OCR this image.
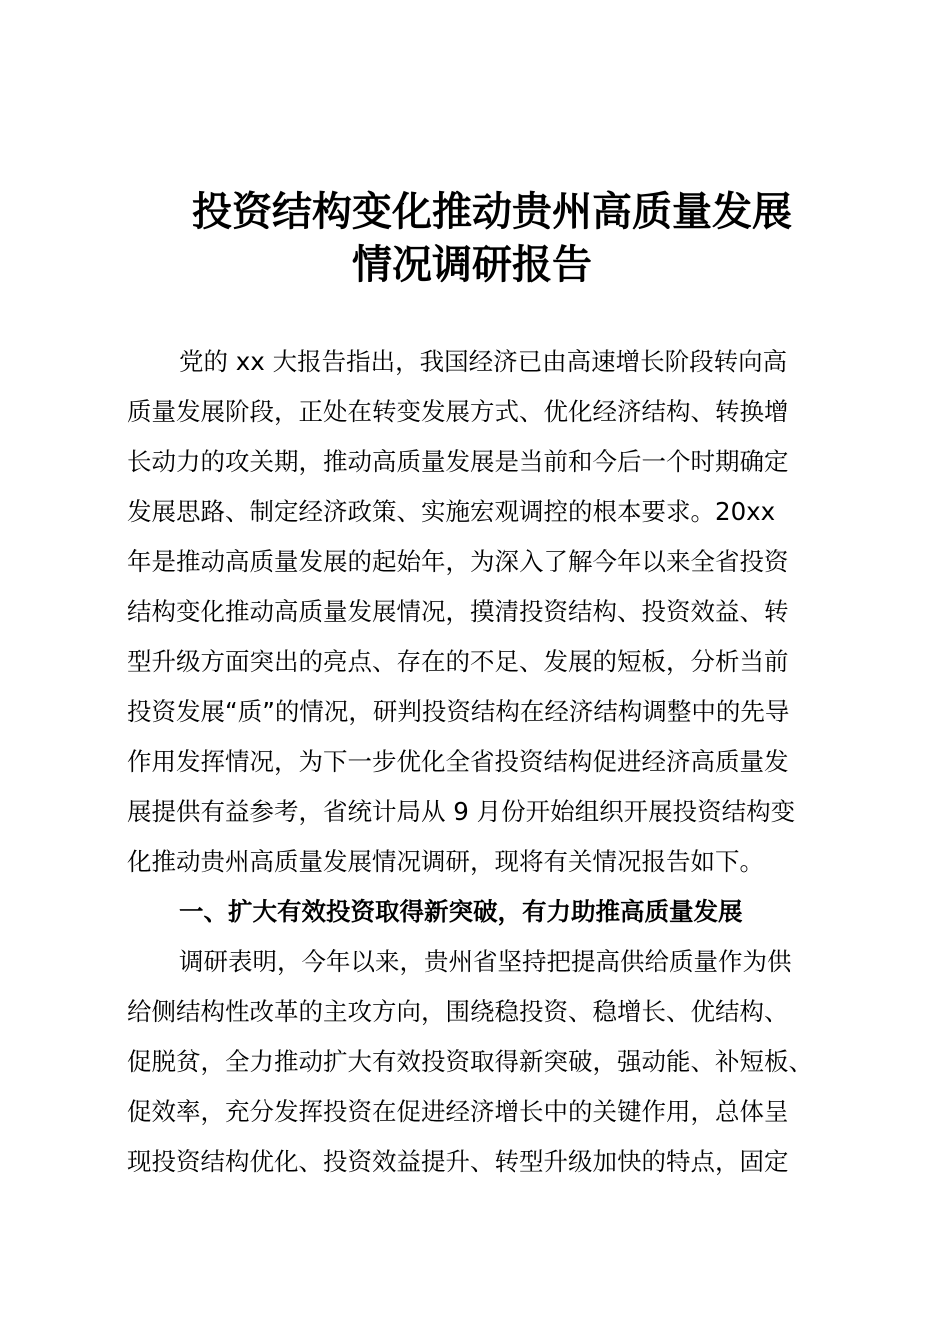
投资结构变化推动贵州高质量发展
情况调研报告
党的 xx 大报告指出，我国经济已由高速增长阶段转向高
质量发展阶段，正处在转变发展方式、优化经济结构、转换增
长动力的攻关期，推动高质量发展是当前和今后一个时期确定
发展思路、制定经济政策、实施宏观调控的根本要求。20xx
年是推动高质量发展的起始年，为深入了解今年以来全省投资
结构变化推动高质量发展情况，摸清投资结构、投资效益、转
型升级方面突出的亮点、存在的不足、发展的短板，分析当前
投资发展“质”的情况，研判投资结构在经济结构调整中的先导
作用发挥情况，为下一步优化全省投资结构促进经济高质量发
展提供有益参考，省统计局从 9 月份开始组织开展投资结构变
化推动贵州高质量发展情况调研，现将有关情况报告如下。
一、扩大有效投资取得新突破，有力助推高质量发展
调研表明，今年以来，贵州省坚持把提高供给质量作为供
给侧结构性改革的主攻方向，围绕稳投资、稳增长、优结构、
促脱贫，全力推动扩大有效投资取得新突破，强动能、补短板、
促效率，充分发挥投资在促进经济增长中的关键作用，总体呈
现投资结构优化、投资效益提升、转型升级加快的特点，固定
